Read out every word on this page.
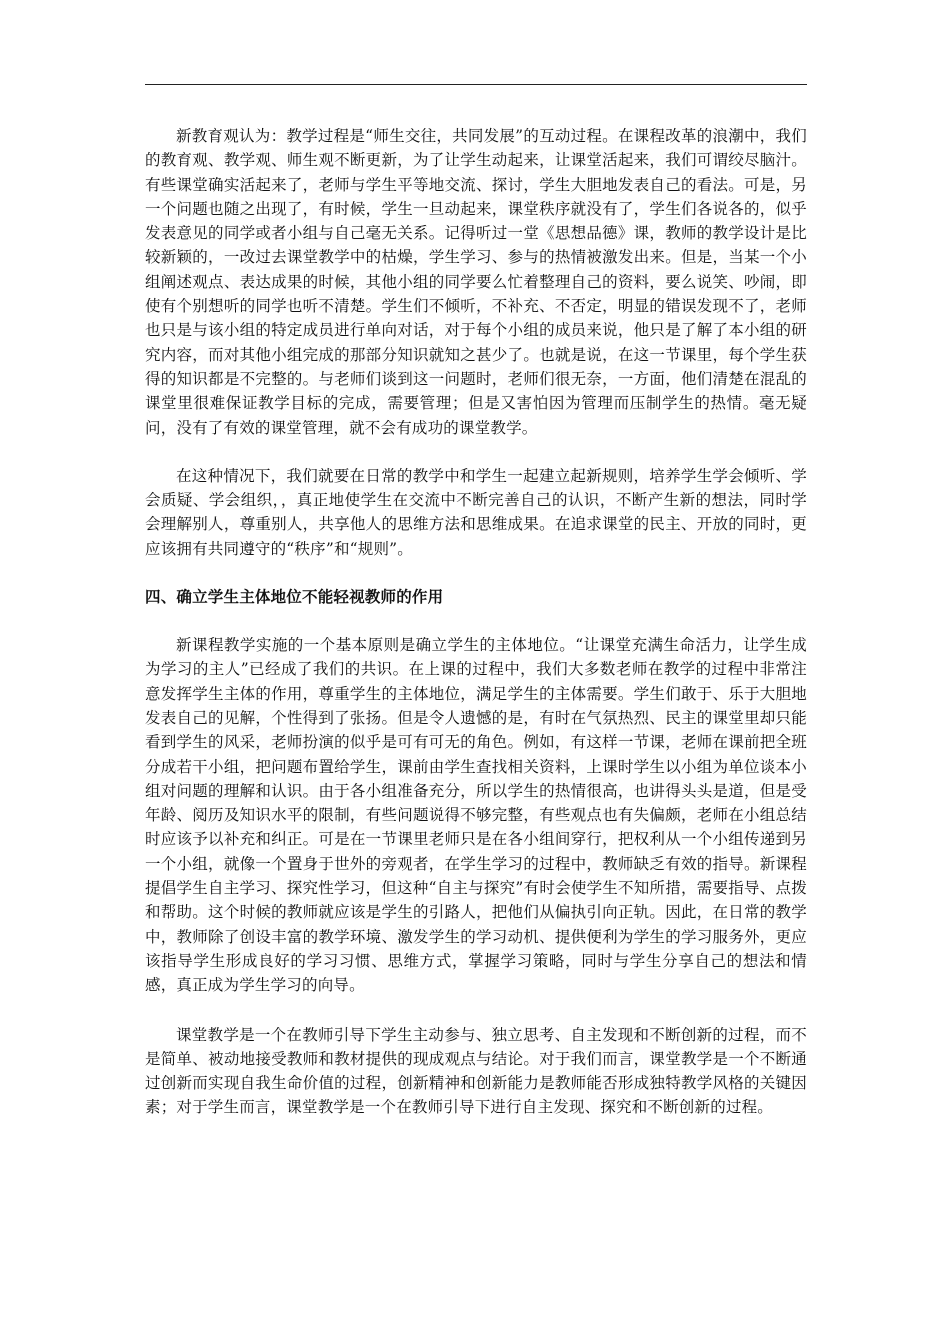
新教育观认为：教学过程是“师生交往，共同发展”的互动过程。在课程改革的浪潮中，我们的教育观、教学观、师生观不断更新，为了让学生动起来，让课堂活起来，我们可谓绞尽脑汁。有些课堂确实活起来了，老师与学生平等地交流、探讨，学生大胆地发表自己的看法。可是，另一个问题也随之出现了，有时候，学生一旦动起来，课堂秩序就没有了，学生们各说各的，似乎发表意见的同学或者小组与自己毫无关系。记得听过一堂《思想品德》课，教师的教学设计是比较新颖的，一改过去课堂教学中的枯燥，学生学习、参与的热情被激发出来。但是，当某一个小组阐述观点、表达成果的时候，其他小组的同学要么忙着整理自己的资料，要么说笑、吵闹，即使有个别想听的同学也听不清楚。学生们不倾听，不补充、不否定，明显的错误发现不了，老师也只是与该小组的特定成员进行单向对话，对于每个小组的成员来说，他只是了解了本小组的研究内容，而对其他小组完成的那部分知识就知之甚少了。也就是说，在这一节课里，每个学生获得的知识都是不完整的。与老师们谈到这一问题时，老师们很无奈，一方面，他们清楚在混乱的课堂里很难保证教学目标的完成，需要管理；但是又害怕因为管理而压制学生的热情。毫无疑问，没有了有效的课堂管理，就不会有成功的课堂教学。

在这种情况下，我们就要在日常的教学中和学生一起建立起新规则，培养学生学会倾听、学会质疑、学会组织，，真正地使学生在交流中不断完善自己的认识，不断产生新的想法，同时学会理解别人，尊重别人，共享他人的思维方法和思维成果。在追求课堂的民主、开放的同时，更应该拥有共同遵守的“秩序”和“规则”。

四、确立学生主体地位不能轻视教师的作用

新课程教学实施的一个基本原则是确立学生的主体地位。“让课堂充满生命活力，让学生成为学习的主人”已经成了我们的共识。在上课的过程中，我们大多数老师在教学的过程中非常注意发挥学生主体的作用，尊重学生的主体地位，满足学生的主体需要。学生们敢于、乐于大胆地发表自己的见解，个性得到了张扬。但是令人遗憾的是，有时在气氛热烈、民主的课堂里却只能看到学生的风采，老师扮演的似乎是可有可无的角色。例如，有这样一节课，老师在课前把全班分成若干小组，把问题布置给学生，课前由学生查找相关资料，上课时学生以小组为单位谈本小组对问题的理解和认识。由于各小组准备充分，所以学生的热情很高，也讲得头头是道，但是受年龄、阅历及知识水平的限制，有些问题说得不够完整，有些观点也有失偏颇，老师在小组总结时应该予以补充和纠正。可是在一节课里老师只是在各小组间穿行，把权利从一个小组传递到另一个小组，就像一个置身于世外的旁观者，在学生学习的过程中，教师缺乏有效的指导。新课程提倡学生自主学习、探究性学习，但这种“自主与探究”有时会使学生不知所措，需要指导、点拨和帮助。这个时候的教师就应该是学生的引路人，把他们从偏执引向正轨。因此，在日常的教学中，教师除了创设丰富的教学环境、激发学生的学习动机、提供便利为学生的学习服务外，更应该指导学生形成良好的学习习惯、思维方式，掌握学习策略，同时与学生分享自己的想法和情感，真正成为学生学习的向导。

课堂教学是一个在教师引导下学生主动参与、独立思考、自主发现和不断创新的过程，而不是简单、被动地接受教师和教材提供的现成观点与结论。对于我们而言，课堂教学是一个不断通过创新而实现自我生命价值的过程，创新精神和创新能力是教师能否形成独特教学风格的关键因素；对于学生而言，课堂教学是一个在教师引导下进行自主发现、探究和不断创新的过程。
